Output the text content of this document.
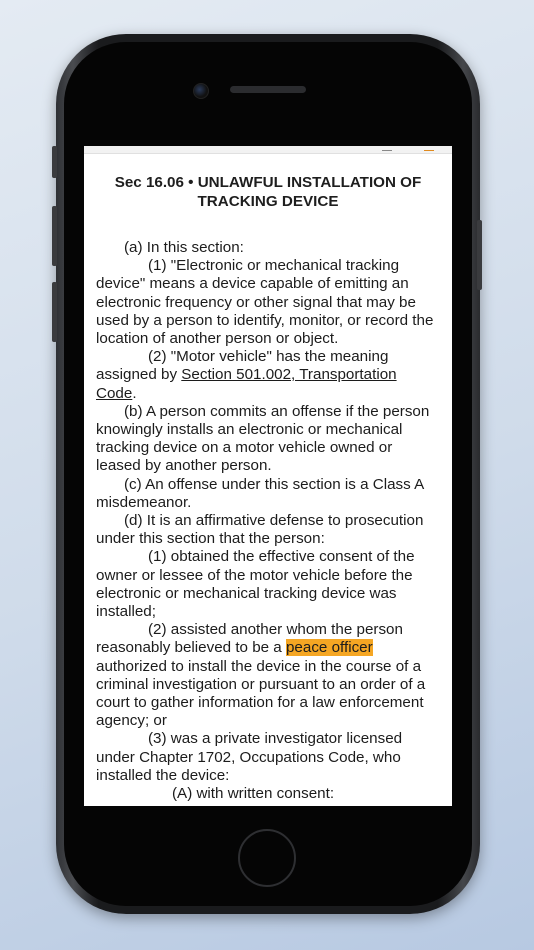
Sec 16.06 • UNLAWFUL INSTALLATION OF TRACKING DEVICE

(a) In this section:

(1) "Electronic or mechanical tracking device" means a device capable of emitting an electronic frequency or other signal that may be used by a person to identify, monitor, or record the location of another person or object.

(2) "Motor vehicle" has the meaning assigned by Section 501.002, Transportation Code.

(b) A person commits an offense if the person knowingly installs an electronic or mechanical tracking device on a motor vehicle owned or leased by another person.

(c) An offense under this section is a Class A misdemeanor.

(d) It is an affirmative defense to prosecution under this section that the person:

(1) obtained the effective consent of the owner or lessee of the motor vehicle before the electronic or mechanical tracking device was installed;

(2) assisted another whom the person reasonably believed to be a peace officer authorized to install the device in the course of a criminal investigation or pursuant to an order of a court to gather information for a law enforcement agency; or

(3) was a private investigator licensed under Chapter 1702, Occupations Code, who installed the device:

(A) with written consent:
